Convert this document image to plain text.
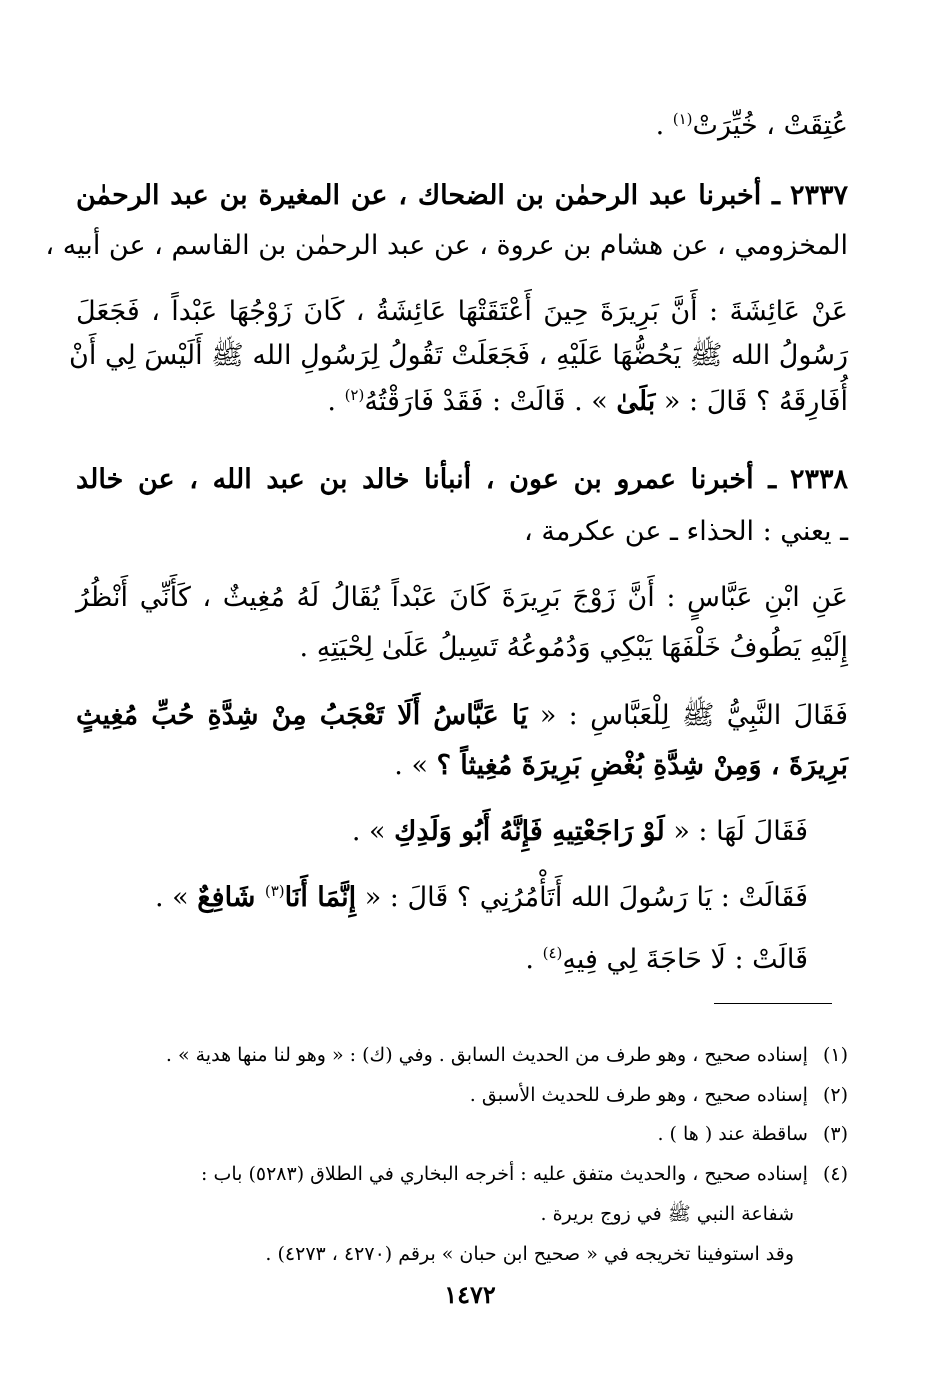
عُتِقَتْ ، خُيِّرَتْ$^{(١)}$ .
٢٣٣٧ ـ أخبرنا عبد الرحمٰن بن الضحاك ، عن المغيرة بن عبد الرحمٰن
المخزومي ، عن هشام بن عروة ، عن عبد الرحمٰن بن القاسم ، عن أبيه ،
عَنْ عَائِشَةَ : أَنَّ بَرِيرَةَ حِينَ أَعْتَقَتْهَا عَائِشَةُ ، كَانَ زَوْجُهَا عَبْداً ، فَجَعَلَ
رَسُولُ الله ﷺ يَحُضُّهَا عَلَيْهِ ، فَجَعَلَتْ تَقُولُ لِرَسُولِ الله ﷺ أَلَيْسَ لِي أَنْ
أُفَارِقَهُ ؟ قَالَ : « بَلَىٰ » . قَالَتْ : فَقَدْ فَارَقْتُهُ$^{(٢)}$ .
٢٣٣٨ ـ أخبرنا عمرو بن عون ، أنبأنا خالد بن عبد الله ، عن خالد
ـ يعني : الحذاء ـ عن عكرمة ،
عَنِ ابْنِ عَبَّاسٍ : أَنَّ زَوْجَ بَرِيرَةَ كَانَ عَبْداً يُقَالُ لَهُ مُغِيثٌ ، كَأَنِّي أَنْظُرُ
إِلَيْهِ يَطُوفُ خَلْفَهَا يَبْكِي وَدُمُوعُهُ تَسِيلُ عَلَىٰ لِحْيَتِهِ .
فَقَالَ النَّبِيُّ ﷺ لِلْعَبَّاسِ : « يَا عَبَّاسُ أَلَا تَعْجَبُ مِنْ شِدَّةِ حُبِّ مُغِيثٍ
بَرِيرَةَ ، وَمِنْ شِدَّةِ بُغْضِ بَرِيرَةَ مُغِيثاً ؟ » .
فَقَالَ لَهَا : « لَوْ رَاجَعْتِيهِ فَإِنَّهُ أَبُو وَلَدِكِ » .
فَقَالَتْ : يَا رَسُولَ الله أَتَأْمُرُنِي ؟ قَالَ : « إِنَّمَا أَنَا$^{(٣)}$ شَافِعٌ » .
قَالَتْ : لَا حَاجَةَ لِي فِيهِ$^{(٤)}$ .
(١) إسناده صحيح ، وهو طرف من الحديث السابق . وفي (ك) : « وهو لنا منها هدية » .
(٢) إسناده صحيح ، وهو طرف للحديث الأسبق .
(٣) ساقطة عند ( ها ) .
(٤) إسناده صحيح ، والحديث متفق عليه : أخرجه البخاري في الطلاق (٥٢٨٣) باب :
شفاعة النبي ﷺ في زوج بريرة .
وقد استوفينا تخريجه في « صحيح ابن حبان » برقم (٤٢٧٠ ، ٤٢٧٣) .
١٤٧٢
